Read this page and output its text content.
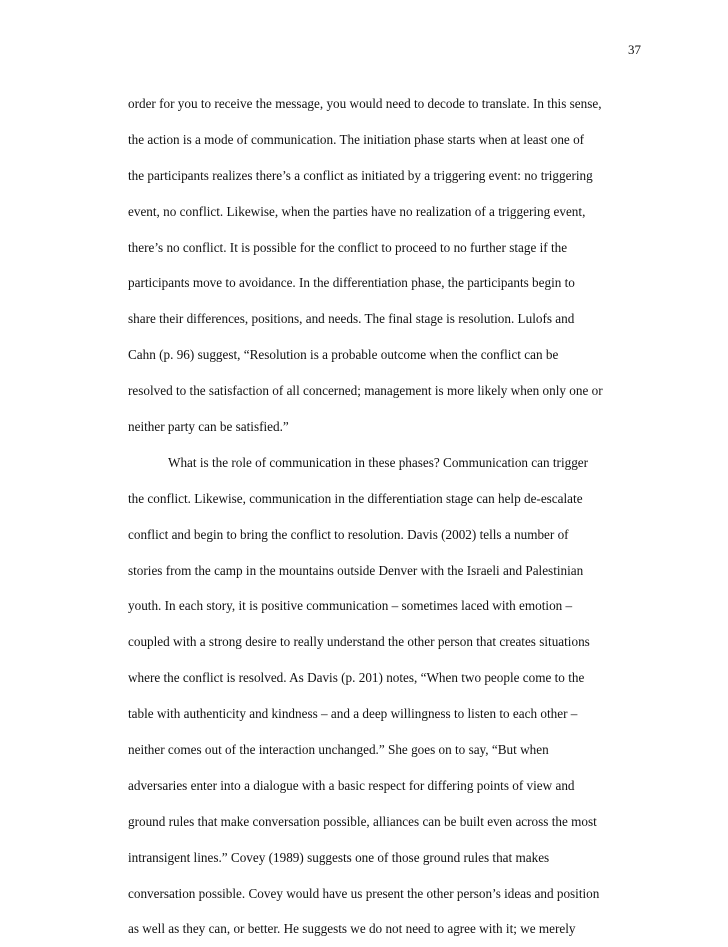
37
order for you to receive the message, you would need to decode to translate. In this sense,
the action is a mode of communication. The initiation phase starts when at least one of
the participants realizes there’s a conflict as initiated by a triggering event: no triggering
event, no conflict. Likewise, when the parties have no realization of a triggering event,
there’s no conflict. It is possible for the conflict to proceed to no further stage if the
participants move to avoidance. In the differentiation phase, the participants begin to
share their differences, positions, and needs. The final stage is resolution. Lulofs and
Cahn (p. 96) suggest, “Resolution is a probable outcome when the conflict can be
resolved to the satisfaction of all concerned; management is more likely when only one or
neither party can be satisfied.”
What is the role of communication in these phases? Communication can trigger
the conflict. Likewise, communication in the differentiation stage can help de-escalate
conflict and begin to bring the conflict to resolution. Davis (2002) tells a number of
stories from the camp in the mountains outside Denver with the Israeli and Palestinian
youth. In each story, it is positive communication – sometimes laced with emotion –
coupled with a strong desire to really understand the other person that creates situations
where the conflict is resolved. As Davis (p. 201) notes, “When two people come to the
table with authenticity and kindness – and a deep willingness to listen to each other –
neither comes out of the interaction unchanged.” She goes on to say, “But when
adversaries enter into a dialogue with a basic respect for differing points of view and
ground rules that make conversation possible, alliances can be built even across the most
intransigent lines.” Covey (1989) suggests one of those ground rules that makes
conversation possible. Covey would have us present the other person’s ideas and position
as well as they can, or better. He suggests we do not need to agree with it; we merely
